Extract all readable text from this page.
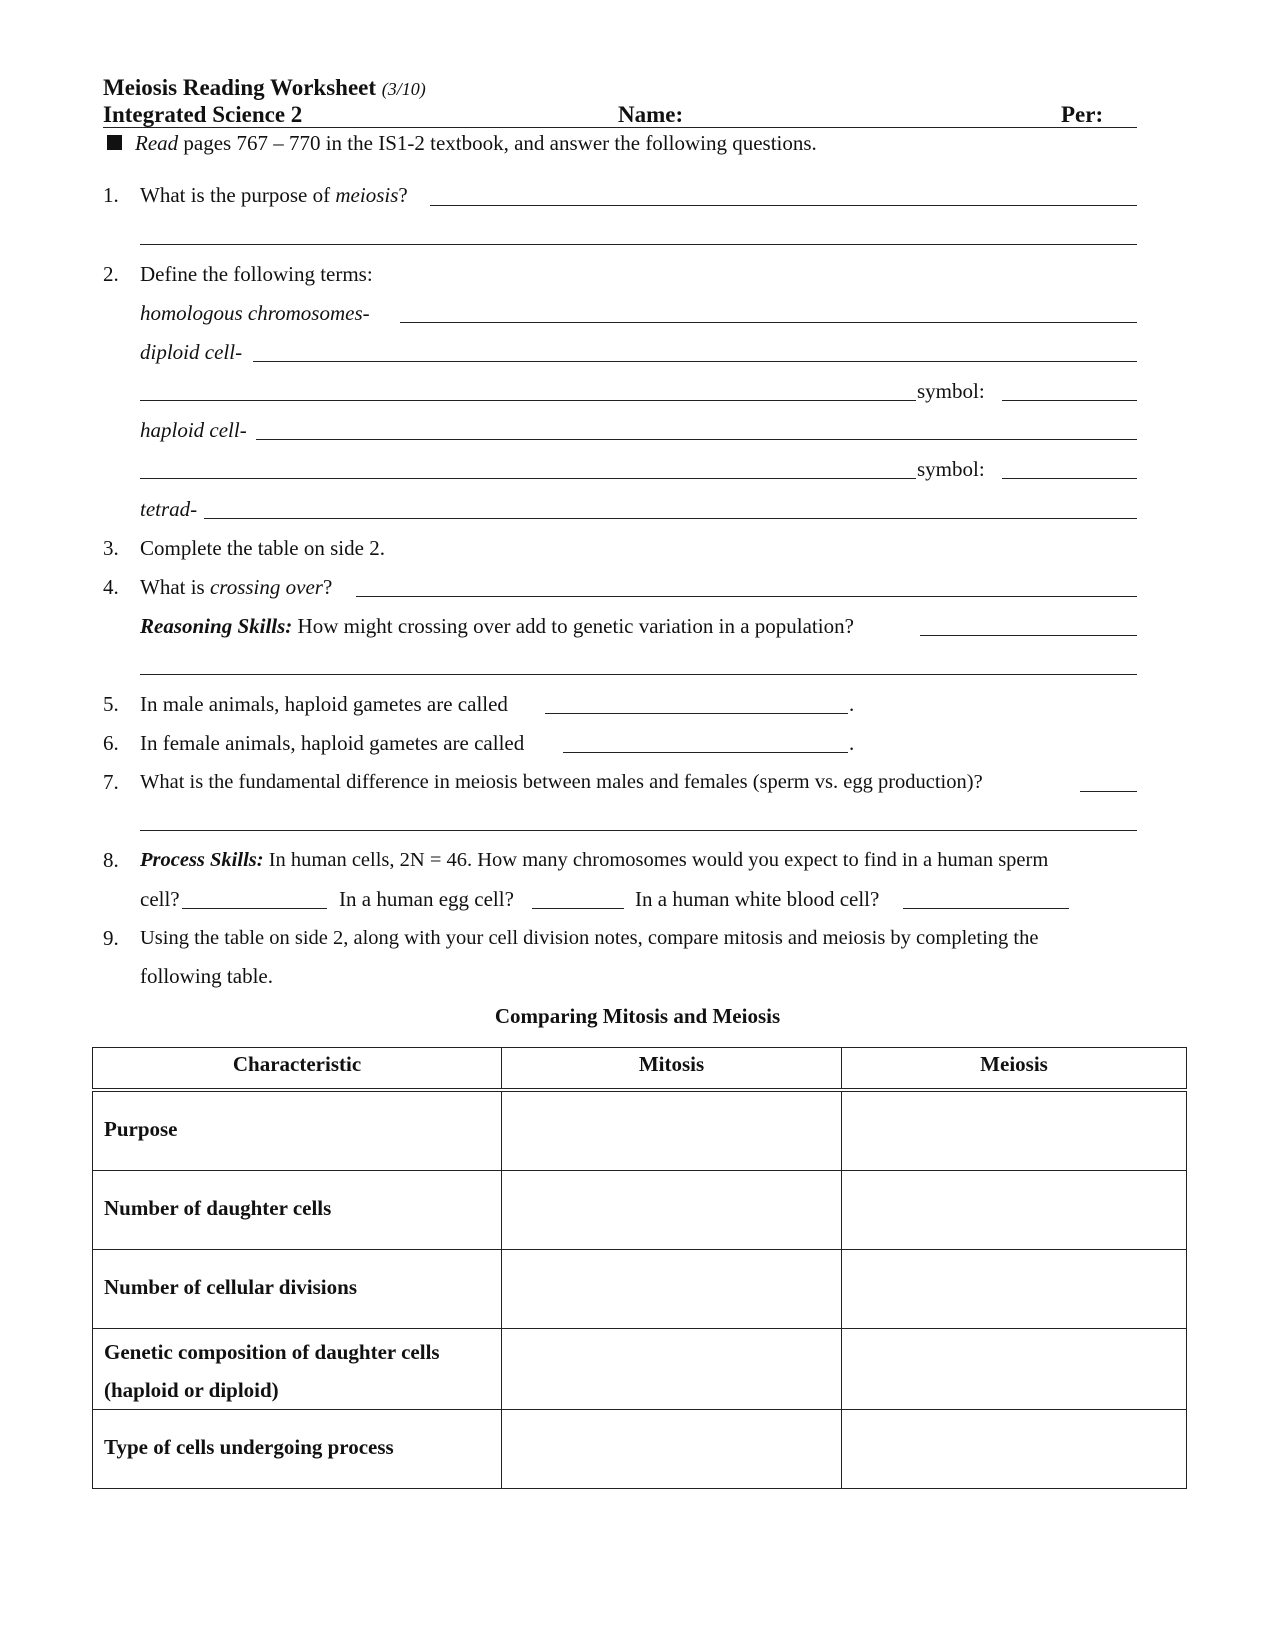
Meiosis Reading Worksheet (3/10)
Integrated Science 2	Name:	Per:
Read pages 767 – 770 in the IS1-2 textbook, and answer the following questions.
1. What is the purpose of meiosis?
2. Define the following terms:
homologous chromosomes-
diploid cell-
symbol:
haploid cell-
symbol:
tetrad-
3. Complete the table on side 2.
4. What is crossing over?
Reasoning Skills: How might crossing over add to genetic variation in a population?
5. In male animals, haploid gametes are called	.
6. In female animals, haploid gametes are called	.
7. What is the fundamental difference in meiosis between males and females (sperm vs. egg production)?
8. Process Skills: In human cells, 2N = 46. How many chromosomes would you expect to find in a human sperm
cell?	In a human egg cell?	In a human white blood cell?
9. Using the table on side 2, along with your cell division notes, compare mitosis and meiosis by completing the
following table.
Comparing Mitosis and Meiosis
Characteristic	Mitosis	Meiosis

Purpose		

Number of daughter cells		

Number of cellular divisions		

Genetic composition of daughter cells
(haploid or diploid)		

Type of cells undergoing process		
